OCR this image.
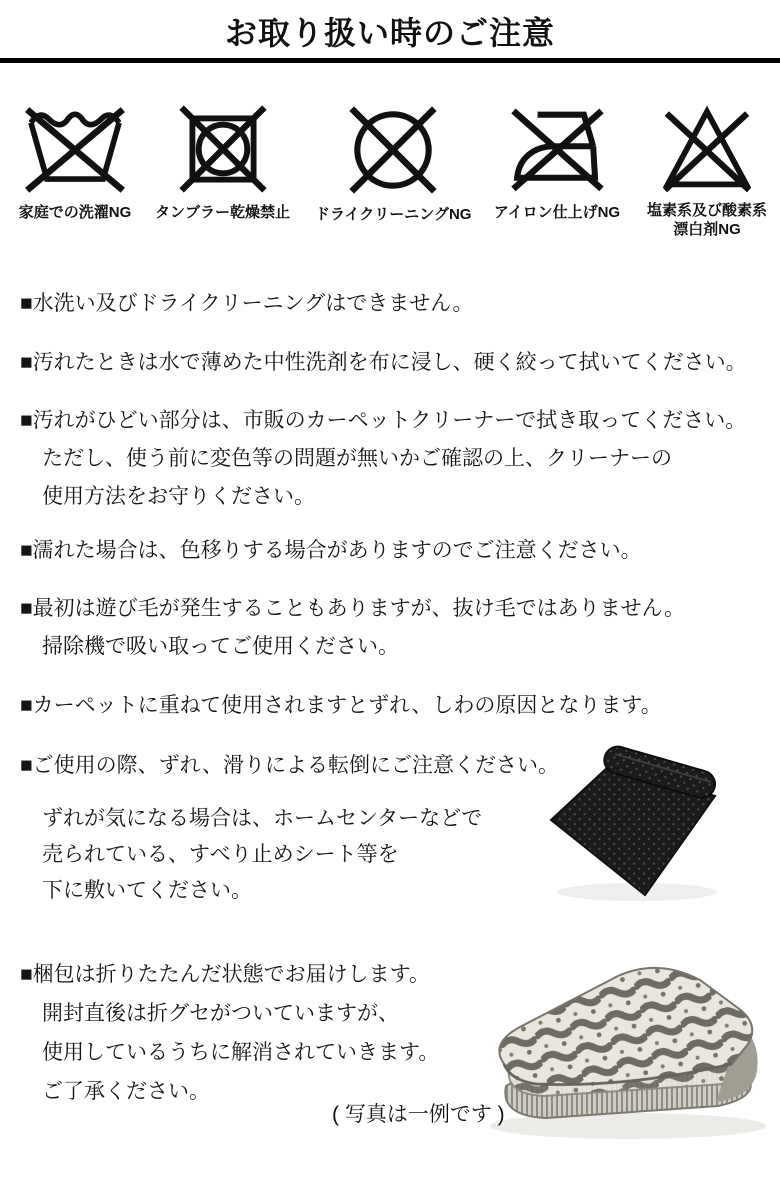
お取り扱い時のご注意
家庭での洗濯NG	タンブラー乾燥禁止	ドライクリーニングNG	アイロン仕上げNG	塩素系及び酸素系
漂白剤NG
■水洗い及びドライクリーニングはできません。
■汚れたときは水で薄めた中性洗剤を布に浸し、硬く絞って拭いてください。
■汚れがひどい部分は、市販のカーペットクリーナーで拭き取ってください。
ただし、使う前に変色等の問題が無いかご確認の上、クリーナーの
使用方法をお守りください。
■濡れた場合は、色移りする場合がありますのでご注意ください。
■最初は遊び毛が発生することもありますが、抜け毛ではありません。
掃除機で吸い取ってご使用ください。
■カーペットに重ねて使用されますとずれ、しわの原因となります。
■ご使用の際、ずれ、滑りによる転倒にご注意ください。
ずれが気になる場合は、ホームセンターなどで
売られている、すべり止めシート等を
下に敷いてください。
■梱包は折りたたんだ状態でお届けします。
開封直後は折グセがついていますが、
使用しているうちに解消されていきます。
ご了承ください。
( 写真は一例です )
